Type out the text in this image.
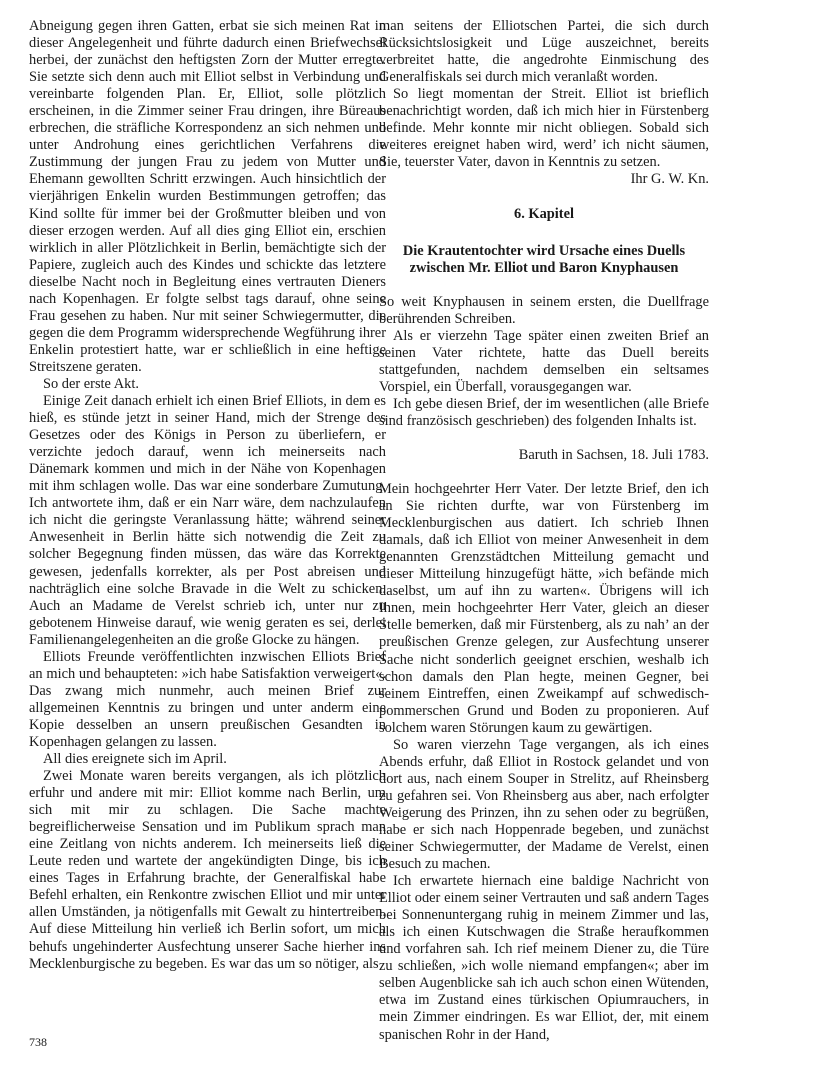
Abneigung gegen ihren Gatten, erbat sie sich meinen Rat in dieser Angelegenheit und führte dadurch einen Briefwechsel herbei, der zunächst den heftigsten Zorn der Mutter erregte. Sie setzte sich denn auch mit Elliot selbst in Verbindung und vereinbarte folgenden Plan. Er, Elliot, solle plötzlich erscheinen, in die Zimmer seiner Frau dringen, ihre Büreaus erbrechen, die sträfliche Korrespondenz an sich nehmen und unter Androhung eines gerichtlichen Verfahrens die Zustimmung der jungen Frau zu jedem von Mutter und Ehemann gewollten Schritt erzwingen. Auch hinsichtlich der vierjährigen Enkelin wurden Bestimmungen getroffen; das Kind sollte für immer bei der Großmutter bleiben und von dieser erzogen werden. Auf all dies ging Elliot ein, erschien wirklich in aller Plötzlichkeit in Berlin, bemächtigte sich der Papiere, zugleich auch des Kindes und schickte das letztere dieselbe Nacht noch in Begleitung eines vertrauten Dieners nach Kopenhagen. Er folgte selbst tags darauf, ohne seine Frau gesehen zu haben. Nur mit seiner Schwiegermutter, die gegen die dem Programm widersprechende Wegführung ihrer Enkelin protestiert hatte, war er schließlich in eine heftige Streitszene geraten.

So der erste Akt.

Einige Zeit danach erhielt ich einen Brief Elliots, in dem es hieß, es stünde jetzt in seiner Hand, mich der Strenge des Gesetzes oder des Königs in Person zu überliefern, er verzichte jedoch darauf, wenn ich meinerseits nach Dänemark kommen und mich in der Nähe von Kopenhagen mit ihm schlagen wolle. Das war eine sonderbare Zumutung. Ich antwortete ihm, daß er ein Narr wäre, dem nachzulaufen ich nicht die geringste Veranlassung hätte; während seiner Anwesenheit in Berlin hätte sich notwendig die Zeit zu solcher Begegnung finden müssen, das wäre das Korrekte gewesen, jedenfalls korrekter, als per Post abreisen und nachträglich eine solche Bravade in die Welt zu schicken. Auch an Madame de Verelst schrieb ich, unter nur zu gebotenem Hinweise darauf, wie wenig geraten es sei, derlei Familienangelegenheiten an die große Glocke zu hängen.

Elliots Freunde veröffentlichten inzwischen Elliots Brief an mich und behaupteten: »ich habe Satisfaktion verweigert«. Das zwang mich nunmehr, auch meinen Brief zur allgemeinen Kenntnis zu bringen und unter anderm eine Kopie desselben an unsern preußischen Gesandten in Kopenhagen gelangen zu lassen.

All dies ereignete sich im April.

Zwei Monate waren bereits vergangen, als ich plötzlich erfuhr und andere mit mir: Elliot komme nach Berlin, um sich mit mir zu schlagen. Die Sache machte begreiflicherweise Sensation und im Publikum sprach man eine Zeitlang von nichts anderem. Ich meinerseits ließ die Leute reden und wartete der angekündigten Dinge, bis ich eines Tages in Erfahrung brachte, der Generalfiskal habe Befehl erhalten, ein Renkontre zwischen Elliot und mir unter allen Umständen, ja nötigenfalls mit Gewalt zu hintertreiben. Auf diese Mitteilung hin verließ ich Berlin sofort, um mich behufs ungehinderter Ausfechtung unserer Sache hierher ins Mecklenburgische zu begeben. Es war das um so nötiger, als

man seitens der Elliotschen Partei, die sich durch Rücksichtslosigkeit und Lüge auszeichnet, bereits verbreitet hatte, die angedrohte Einmischung des Generalfiskals sei durch mich veranlaßt worden.

So liegt momentan der Streit. Elliot ist brieflich benachrichtigt worden, daß ich mich hier in Fürstenberg befinde. Mehr konnte mir nicht obliegen. Sobald sich weiteres ereignet haben wird, werd’ ich nicht säumen, Sie, teuerster Vater, davon in Kenntnis zu setzen.

Ihr G. W. Kn.

6. Kapitel
Die Krautentochter wird Ursache eines Duells zwischen Mr. Elliot und Baron Knyphausen

So weit Knyphausen in seinem ersten, die Duellfrage berührenden Schreiben.

Als er vierzehn Tage später einen zweiten Brief an seinen Vater richtete, hatte das Duell bereits stattgefunden, nachdem demselben ein seltsames Vorspiel, ein Überfall, vorausgegangen war.

Ich gebe diesen Brief, der im wesentlichen (alle Briefe sind französisch geschrieben) des folgenden Inhalts ist.

Baruth in Sachsen, 18. Juli 1783.

Mein hochgeehrter Herr Vater. Der letzte Brief, den ich an Sie richten durfte, war von Fürstenberg im Mecklenburgischen aus datiert. Ich schrieb Ihnen damals, daß ich Elliot von meiner Anwesenheit in dem genannten Grenzstädtchen Mitteilung gemacht und dieser Mitteilung hinzugefügt hätte, »ich befände mich daselbst, um auf ihn zu warten«. Übrigens will ich Ihnen, mein hochgeehrter Herr Vater, gleich an dieser Stelle bemerken, daß mir Fürstenberg, als zu nah’ an der preußischen Grenze gelegen, zur Ausfechtung unserer Sache nicht sonderlich geeignet erschien, weshalb ich schon damals den Plan hegte, meinen Gegner, bei seinem Eintreffen, einen Zweikampf auf schwedisch-pommerschen Grund und Boden zu proponieren. Auf solchem waren Störungen kaum zu gewärtigen.

So waren vierzehn Tage vergangen, als ich eines Abends erfuhr, daß Elliot in Rostock gelandet und von dort aus, nach einem Souper in Strelitz, auf Rheinsberg zu gefahren sei. Von Rheinsberg aus aber, nach erfolgter Weigerung des Prinzen, ihn zu sehen oder zu begrüßen, habe er sich nach Hoppenrade begeben, und zunächst seiner Schwiegermutter, der Madame de Verelst, einen Besuch zu machen.

Ich erwartete hiernach eine baldige Nachricht von Elliot oder einem seiner Vertrauten und saß andern Tages bei Sonnenuntergang ruhig in meinem Zimmer und las, als ich einen Kutschwagen die Straße heraufkommen und vorfahren sah. Ich rief meinem Diener zu, die Türe zu schließen, »ich wolle niemand empfangen«; aber im selben Augenblicke sah ich auch schon einen Wütenden, etwa im Zustand eines türkischen Opiumrauchers, in mein Zimmer eindringen. Es war Elliot, der, mit einem spanischen Rohr in der Hand,

738
